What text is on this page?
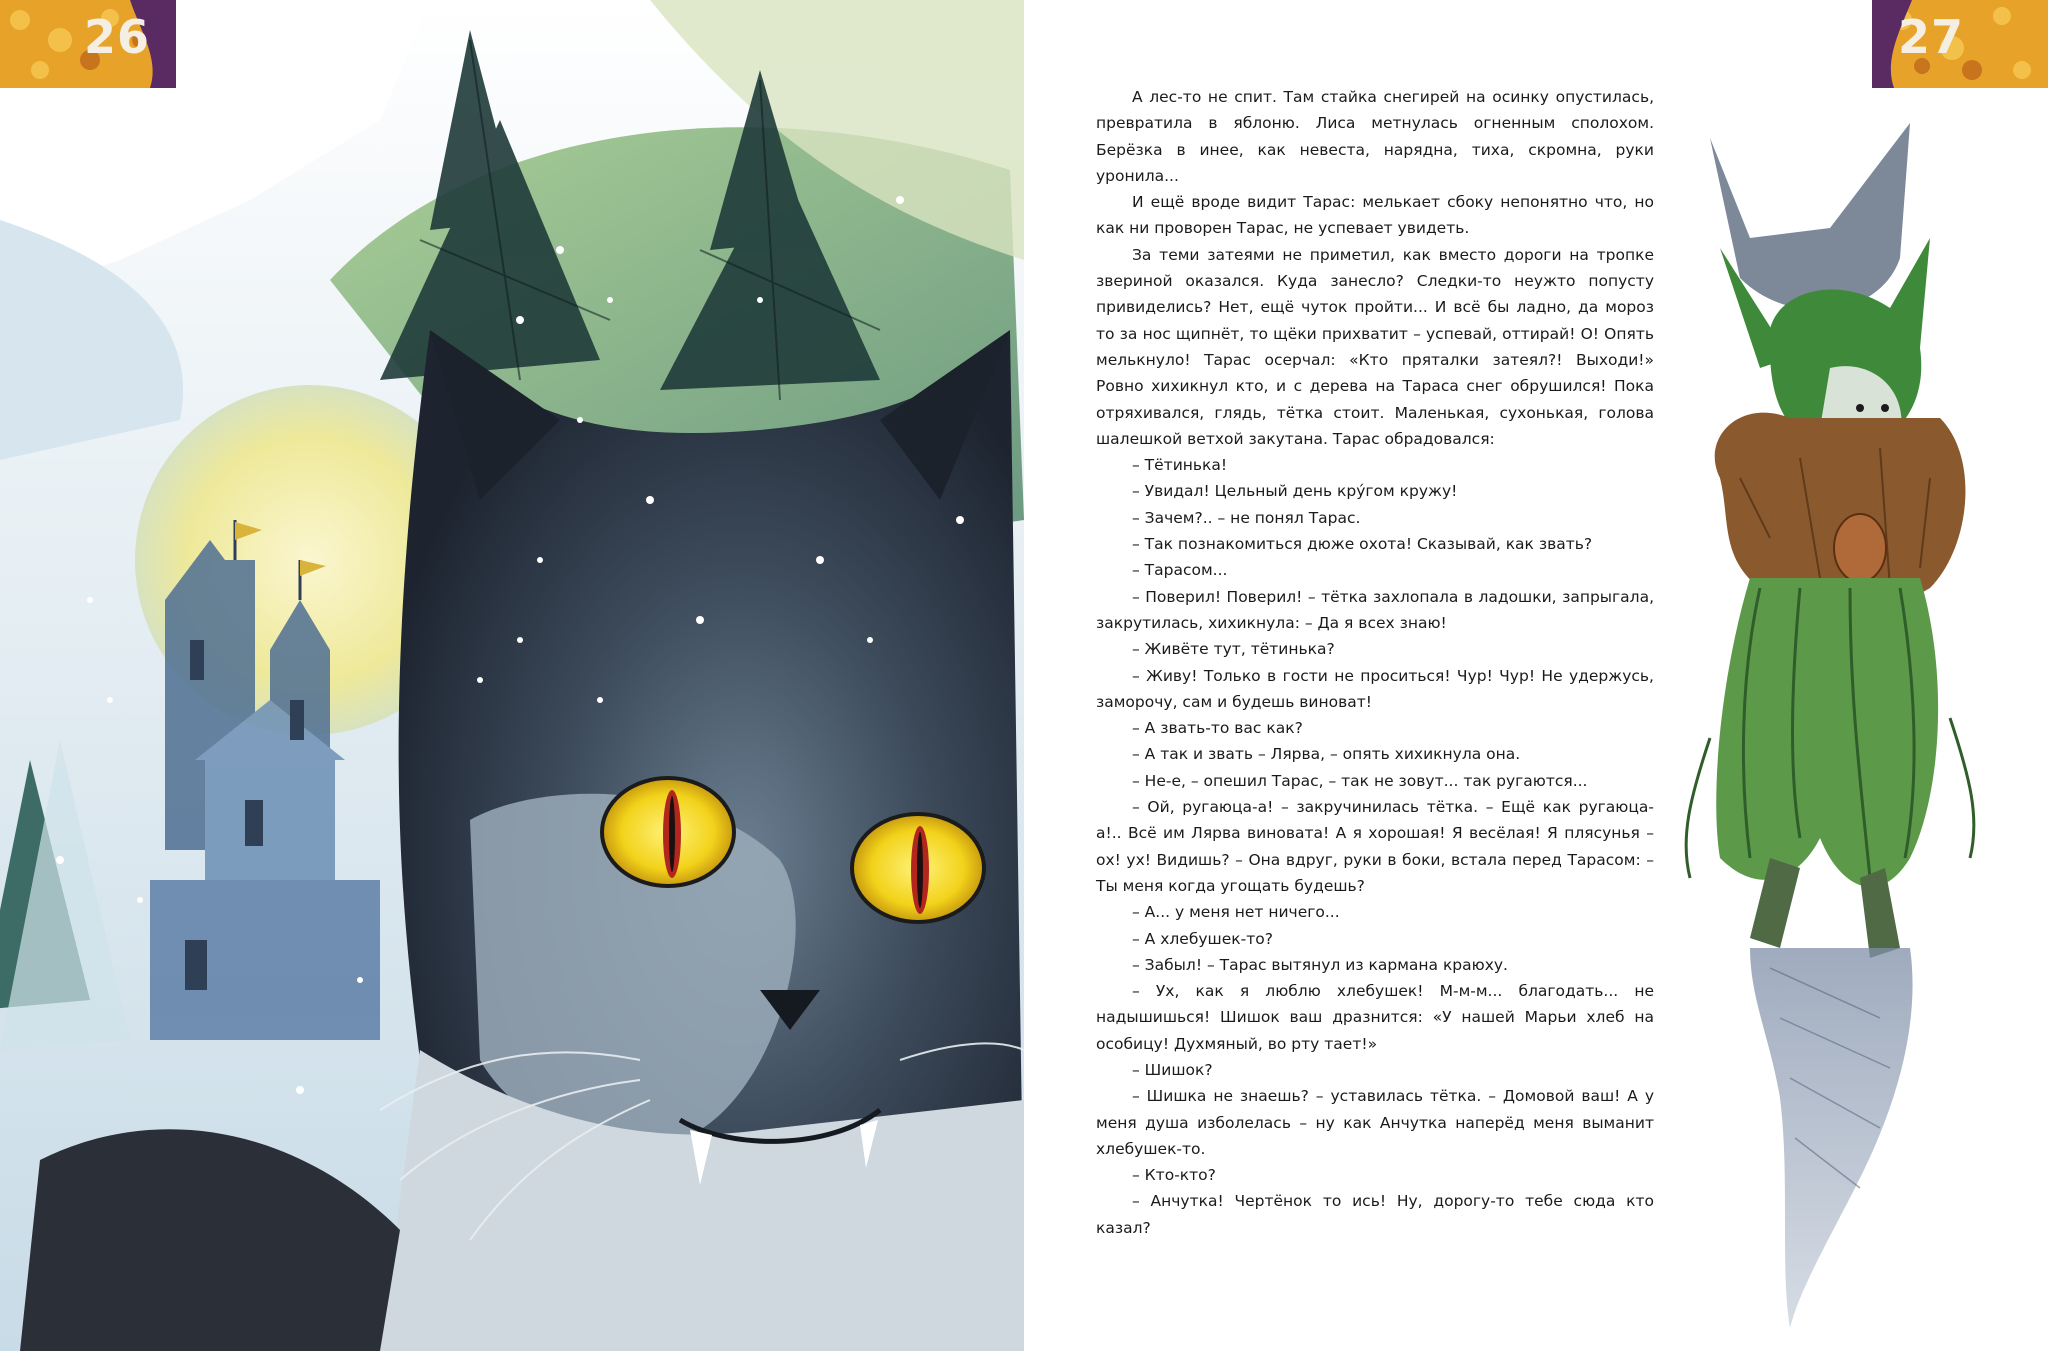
26	27

А лес-то не спит. Там стайка снегирей на осинку опустилась, превратила в яблоню. Лиса метнулась огненным сполохом. Берёзка в инее, как невеста, нарядна, тиха, скромна, руки уронила...

И ещё вроде видит Тарас: мелькает сбоку непонятно что, но как ни проворен Тарас, не успевает увидеть.

За теми затеями не приметил, как вместо дороги на тропке звериной оказался. Куда занесло? Следки-то неужто попусту привиделись? Нет, ещё чуток пройти... И всё бы ладно, да мороз то за нос щипнёт, то щёки прихватит – успевай, оттирай! О! Опять мелькнуло! Тарас осерчал: «Кто пряталки затеял?! Выходи!» Ровно хихикнул кто, и с дерева на Тараса снег обрушился! Пока отряхивался, глядь, тётка стоит. Маленькая, сухонькая, голова шалешкой ветхой закутана. Тарас обрадовался:

– Тётинька!

– Увидал! Цельный день кру́гом кружу!

– Зачем?.. – не понял Тарас.

– Так познакомиться дюже охота! Сказывай, как звать?

– Тарасом...

– Поверил! Поверил! – тётка захлопала в ладошки, запрыгала, закрутилась, хихикнула: – Да я всех знаю!

– Живёте тут, тётинька?

– Живу! Только в гости не проситься! Чур! Чур! Не удержусь, заморочу, сам и будешь виноват!

– А звать-то вас как?

– А так и звать – Лярва, – опять хихикнула она.

– Не-е, – опешил Тарас, – так не зовут... так ругаются...

– Ой, ругаюца-а! – закручинилась тётка. – Ещё как ругаюца-а!.. Всё им Лярва виновата! А я хорошая! Я весёлая! Я плясунья – ох! ух! Видишь? – Она вдруг, руки в боки, встала перед Тарасом: – Ты меня когда угощать будешь?

– А... у меня нет ничего...

– А хлебушек-то?

– Забыл! – Тарас вытянул из кармана краюху.

– Ух, как я люблю хлебушек! М-м-м... благодать... не надышишься! Шишок ваш дразнится: «У нашей Марьи хлеб на особицу! Духмяный, во рту тает!»

– Шишок?

– Шишка не знаешь? – уставилась тётка. – Домовой ваш! А у меня душа изболелась – ну как Анчутка наперёд меня выманит хлебушек-то.

– Кто-кто?

– Анчутка! Чертёнок то ись! Ну, дорогу-то тебе сюда кто казал?
